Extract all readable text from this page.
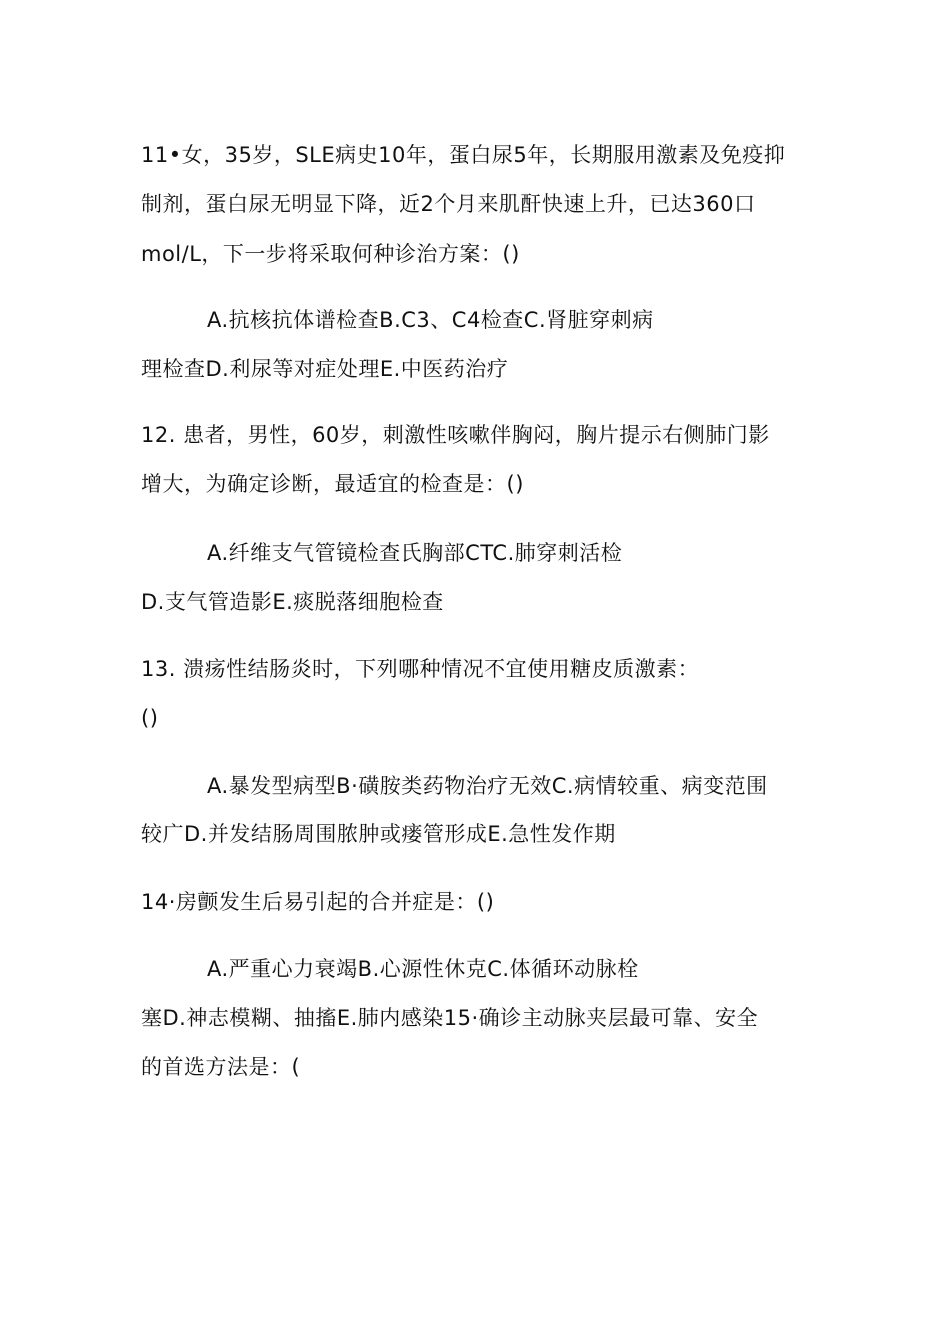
11•女，35岁，SLE病史10年，蛋白尿5年，长期服用激素及免疫抑
制剂，蛋白尿无明显下降，近2个月来肌酐快速上升，已达360口
mol/L，下一步将采取何种诊治方案：()
A.抗核抗体谱检查B.C3、C4检查C.肾脏穿刺病
理检查D.利尿等对症处理E.中医药治疗
12. 患者，男性，60岁，刺激性咳嗽伴胸闷，胸片提示右侧肺门影
增大，为确定诊断，最适宜的检查是：()
A.纤维支气管镜检查氏胸部CTC.肺穿刺活检
D.支气管造影E.痰脱落细胞检查
13. 溃疡性结肠炎时，下列哪种情况不宜使用糖皮质激素：
()
A.暴发型病型B·磺胺类药物治疗无效C.病情较重、病变范围
较广D.并发结肠周围脓肿或瘘管形成E.急性发作期
14·房颤发生后易引起的合并症是：()
A.严重心力衰竭B.心源性休克C.体循环动脉栓
塞D.神志模糊、抽搐E.肺内感染15·确诊主动脉夹层最可靠、安全
的首选方法是：(
